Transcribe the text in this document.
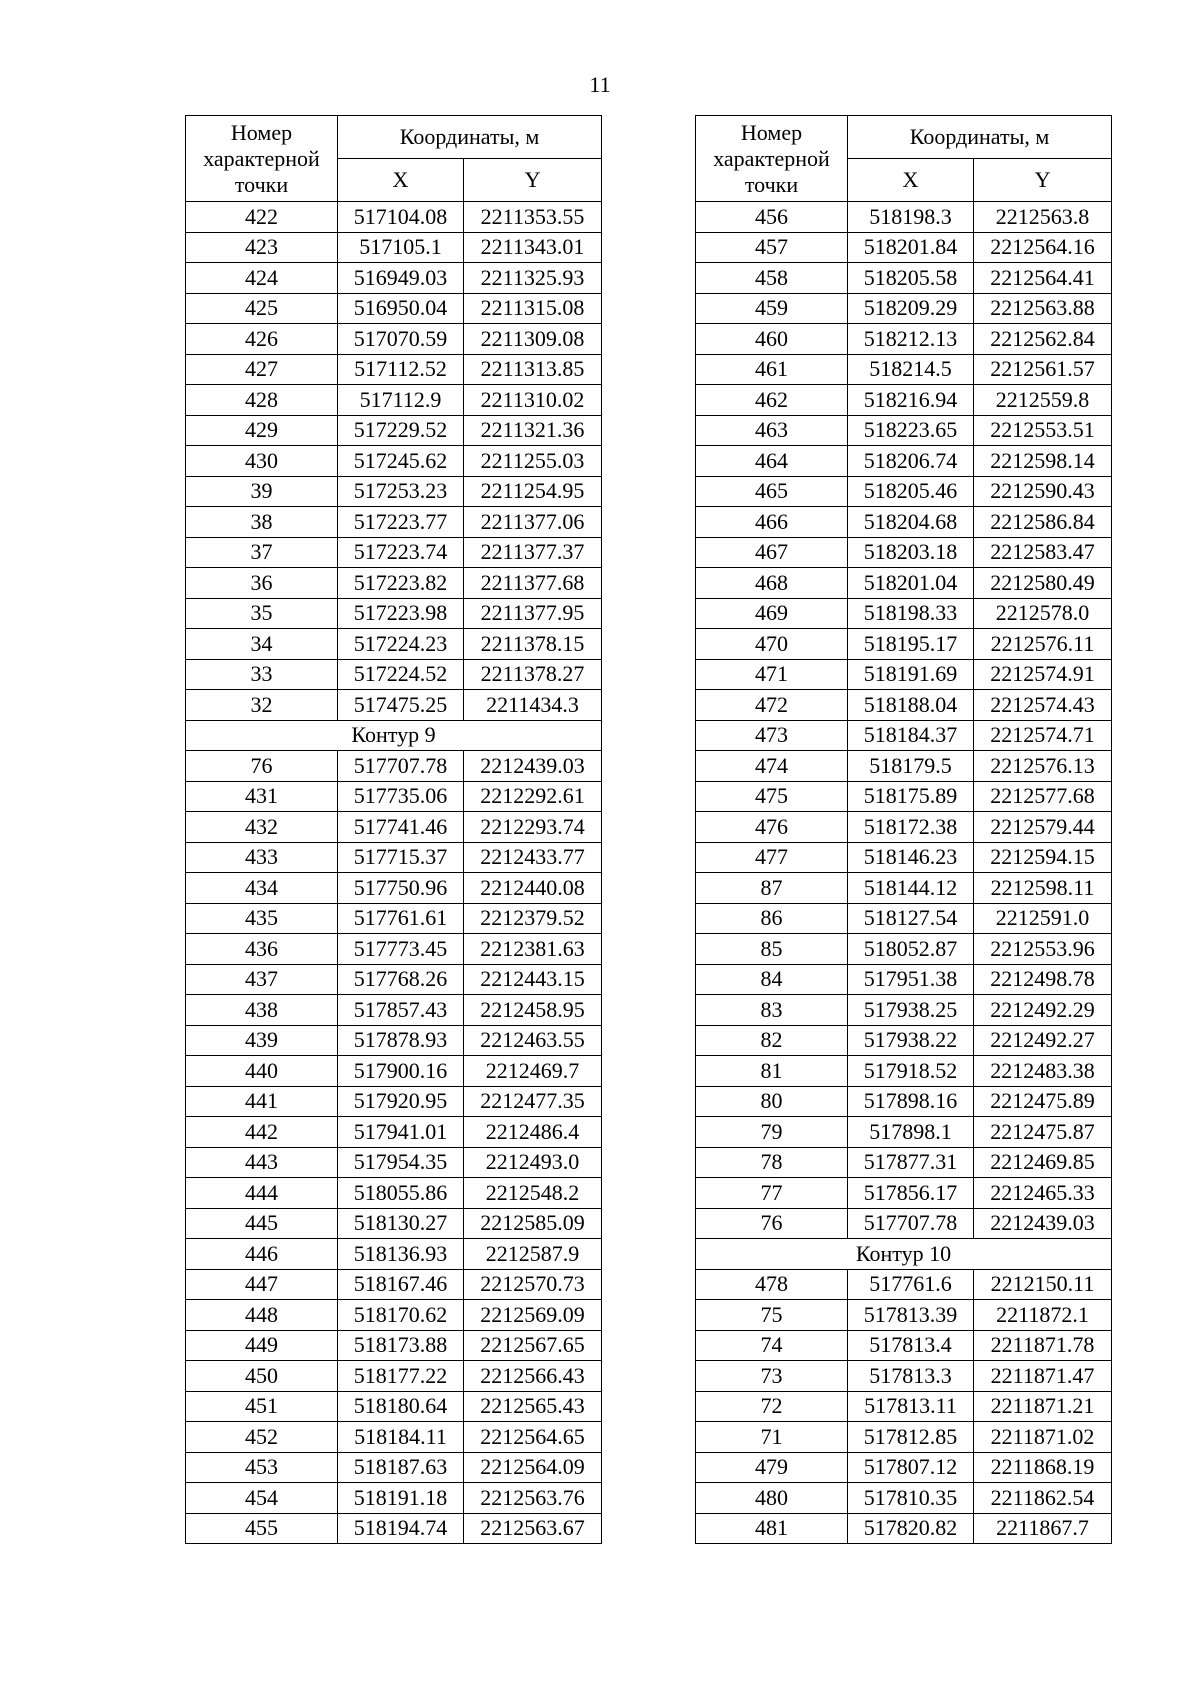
11
Номер
характерной
точки	Координаты, м	
	X	Y
422	517104.08	2211353.55
423	517105.1	2211343.01
424	516949.03	2211325.93
425	516950.04	2211315.08
426	517070.59	2211309.08
427	517112.52	2211313.85
428	517112.9	2211310.02
429	517229.52	2211321.36
430	517245.62	2211255.03
39	517253.23	2211254.95
38	517223.77	2211377.06
37	517223.74	2211377.37
36	517223.82	2211377.68
35	517223.98	2211377.95
34	517224.23	2211378.15
33	517224.52	2211378.27
32	517475.25	2211434.3
Контур 9		
76	517707.78	2212439.03
431	517735.06	2212292.61
432	517741.46	2212293.74
433	517715.37	2212433.77
434	517750.96	2212440.08
435	517761.61	2212379.52
436	517773.45	2212381.63
437	517768.26	2212443.15
438	517857.43	2212458.95
439	517878.93	2212463.55
440	517900.16	2212469.7
441	517920.95	2212477.35
442	517941.01	2212486.4
443	517954.35	2212493.0
444	518055.86	2212548.2
445	518130.27	2212585.09
446	518136.93	2212587.9
447	518167.46	2212570.73
448	518170.62	2212569.09
449	518173.88	2212567.65
450	518177.22	2212566.43
451	518180.64	2212565.43
452	518184.11	2212564.65
453	518187.63	2212564.09
454	518191.18	2212563.76
455	518194.74	2212563.67
Номер
характерной
точки	Координаты, м	
	X	Y
456	518198.3	2212563.8
457	518201.84	2212564.16
458	518205.58	2212564.41
459	518209.29	2212563.88
460	518212.13	2212562.84
461	518214.5	2212561.57
462	518216.94	2212559.8
463	518223.65	2212553.51
464	518206.74	2212598.14
465	518205.46	2212590.43
466	518204.68	2212586.84
467	518203.18	2212583.47
468	518201.04	2212580.49
469	518198.33	2212578.0
470	518195.17	2212576.11
471	518191.69	2212574.91
472	518188.04	2212574.43
473	518184.37	2212574.71
474	518179.5	2212576.13
475	518175.89	2212577.68
476	518172.38	2212579.44
477	518146.23	2212594.15
87	518144.12	2212598.11
86	518127.54	2212591.0
85	518052.87	2212553.96
84	517951.38	2212498.78
83	517938.25	2212492.29
82	517938.22	2212492.27
81	517918.52	2212483.38
80	517898.16	2212475.89
79	517898.1	2212475.87
78	517877.31	2212469.85
77	517856.17	2212465.33
76	517707.78	2212439.03
Контур 10		
478	517761.6	2212150.11
75	517813.39	2211872.1
74	517813.4	2211871.78
73	517813.3	2211871.47
72	517813.11	2211871.21
71	517812.85	2211871.02
479	517807.12	2211868.19
480	517810.35	2211862.54
481	517820.82	2211867.7
